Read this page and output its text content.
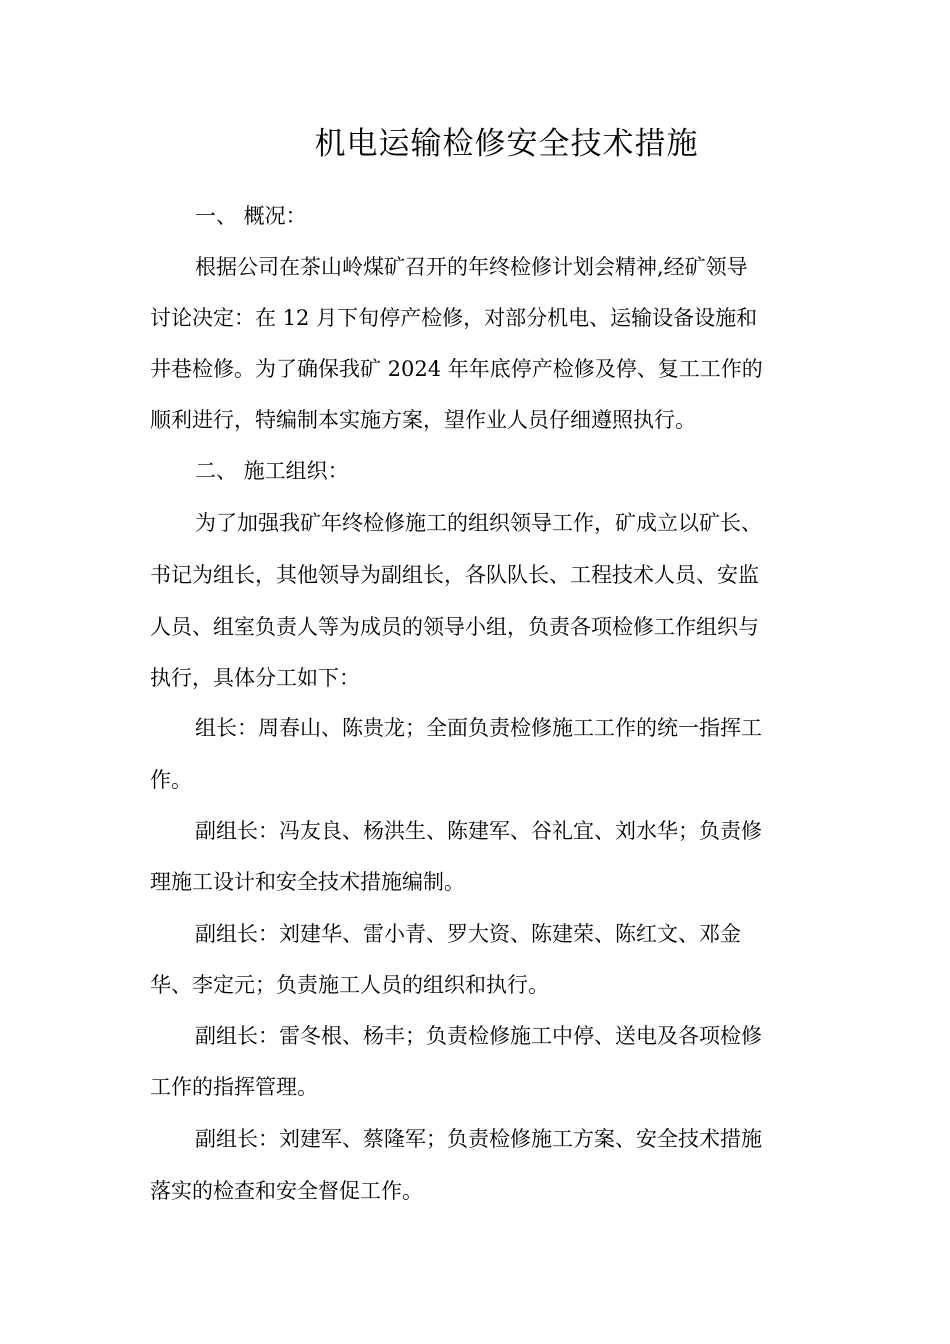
机电运输检修安全技术措施
一、 概况：
根据公司在茶山岭煤矿召开的年终检修计划会精神,经矿领导
讨论决定：在 12 月下旬停产检修，对部分机电、运输设备设施和
井巷检修。为了确保我矿 2024 年年底停产检修及停、复工工作的
顺利进行，特编制本实施方案，望作业人员仔细遵照执行。
二、 施工组织：
为了加强我矿年终检修施工的组织领导工作，矿成立以矿长、
书记为组长，其他领导为副组长，各队队长、工程技术人员、安监
人员、组室负责人等为成员的领导小组，负责各项检修工作组织与
执行，具体分工如下：
组长：周春山、陈贵龙；全面负责检修施工工作的统一指挥工
作。
副组长：冯友良、杨洪生、陈建军、谷礼宜、刘水华；负责修
理施工设计和安全技术措施编制。
副组长：刘建华、雷小青、罗大资、陈建荣、陈红文、邓金
华、李定元；负责施工人员的组织和执行。
副组长：雷冬根、杨丰；负责检修施工中停、送电及各项检修
工作的指挥管理。
副组长：刘建军、蔡隆军；负责检修施工方案、安全技术措施
落实的检查和安全督促工作。
